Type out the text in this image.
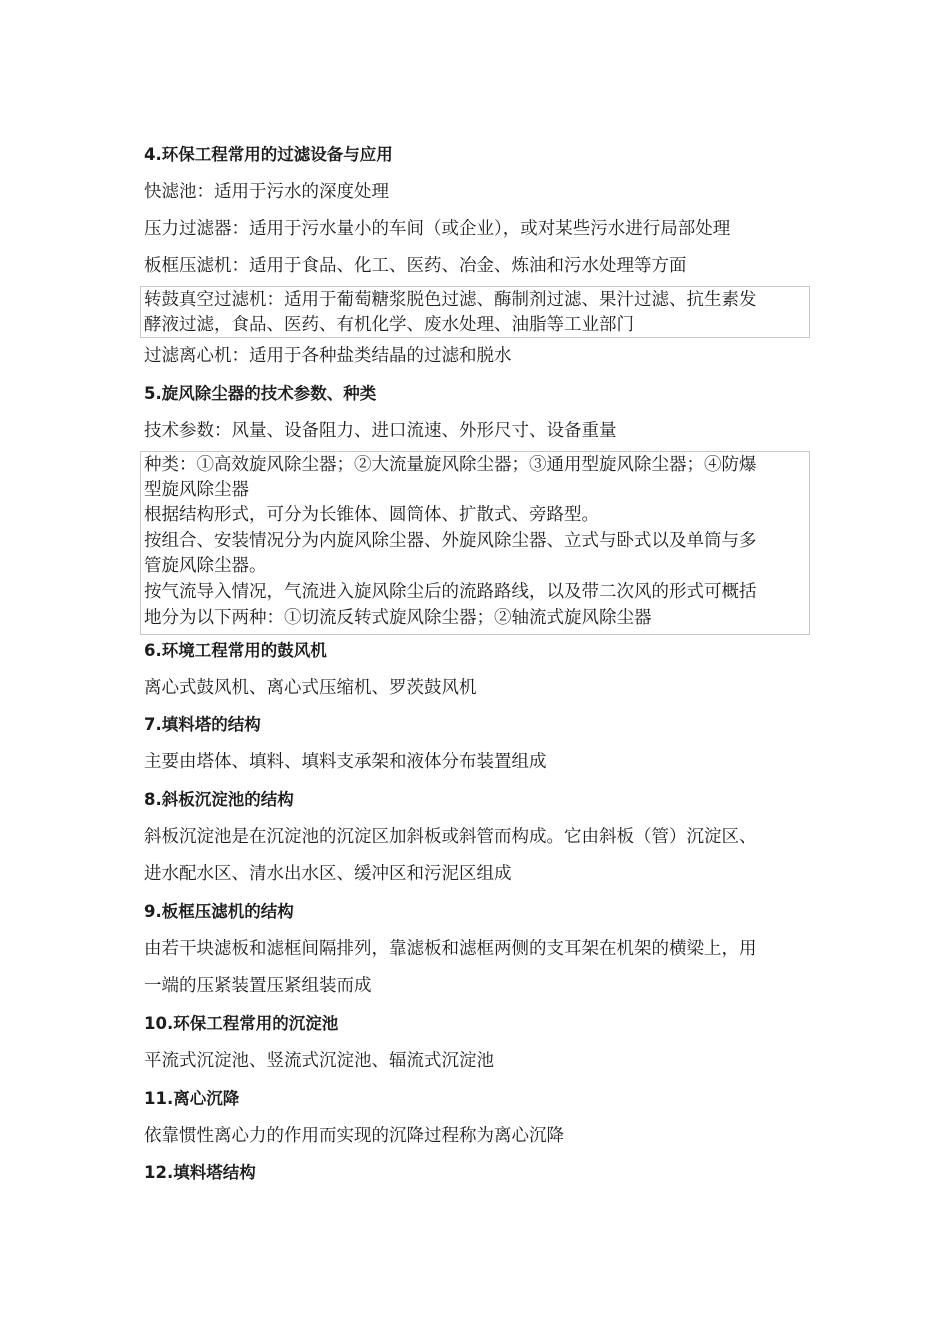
4.环保工程常用的过滤设备与应用

快滤池：适用于污水的深度处理

压力过滤器：适用于污水量小的车间（或企业），或对某些污水进行局部处理

板框压滤机：适用于食品、化工、医药、冶金、炼油和污水处理等方面

转鼓真空过滤机：适用于葡萄糖浆脱色过滤、酶制剂过滤、果汁过滤、抗生素发

酵液过滤，食品、医药、有机化学、废水处理、油脂等工业部门

过滤离心机：适用于各种盐类结晶的过滤和脱水

5.旋风除尘器的技术参数、种类

技术参数：风量、设备阻力、进口流速、外形尺寸、设备重量

种类：①高效旋风除尘器；②大流量旋风除尘器；③通用型旋风除尘器；④防爆

型旋风除尘器

根据结构形式，可分为长锥体、圆筒体、扩散式、旁路型。

按组合、安装情况分为内旋风除尘器、外旋风除尘器、立式与卧式以及单筒与多

管旋风除尘器。

按气流导入情况，气流进入旋风除尘后的流路路线，以及带二次风的形式可概括

地分为以下两种：①切流反转式旋风除尘器；②轴流式旋风除尘器

6.环境工程常用的鼓风机

离心式鼓风机、离心式压缩机、罗茨鼓风机

7.填料塔的结构

主要由塔体、填料、填料支承架和液体分布装置组成

8.斜板沉淀池的结构

斜板沉淀池是在沉淀池的沉淀区加斜板或斜管而构成。它由斜板（管）沉淀区、

进水配水区、清水出水区、缓冲区和污泥区组成

9.板框压滤机的结构

由若干块滤板和滤框间隔排列，靠滤板和滤框两侧的支耳架在机架的横梁上，用

一端的压紧装置压紧组装而成

10.环保工程常用的沉淀池

平流式沉淀池、竖流式沉淀池、辐流式沉淀池

11.离心沉降

依靠惯性离心力的作用而实现的沉降过程称为离心沉降

12.填料塔结构
